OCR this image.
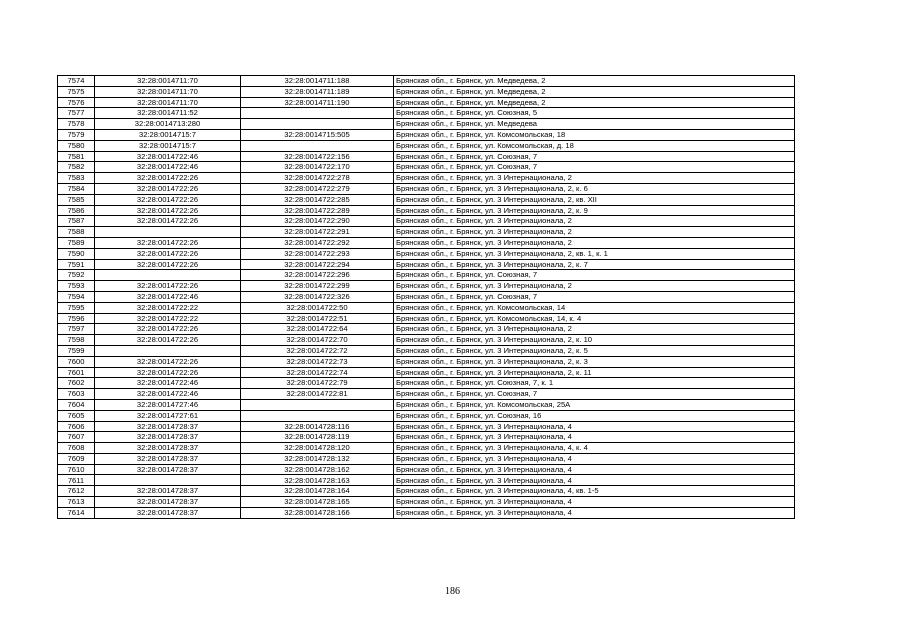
7574	32:28:0014711:70	32:28:0014711:188	Брянская обл., г. Брянск, ул. Медведева, 2
7575	32:28:0014711:70	32:28:0014711:189	Брянская обл., г. Брянск, ул. Медведева, 2
7576	32:28:0014711:70	32:28:0014711:190	Брянская обл., г. Брянск, ул. Медведева, 2
7577	32:28:0014711:52		Брянская обл., г. Брянск, ул. Союзная, 5
7578	32:28:0014713:280		Брянская обл., г. Брянск, ул. Медведева
7579	32:28:0014715:7	32:28:0014715:505	Брянская обл., г. Брянск, ул. Комсомольская, 18
7580	32:28:0014715:7		Брянская обл., г. Брянск, ул. Комсомольская, д. 18
7581	32:28:0014722:46	32:28:0014722:156	Брянская обл., г. Брянск, ул. Союзная, 7
7582	32:28:0014722:46	32:28:0014722:170	Брянская обл., г. Брянск, ул. Союзная, 7
7583	32:28:0014722:26	32:28:0014722:278	Брянская обл., г. Брянск, ул. 3 Интернационала, 2
7584	32:28:0014722:26	32:28:0014722:279	Брянская обл., г. Брянск, ул. 3 Интернационала, 2, к. 6
7585	32:28:0014722:26	32:28:0014722:285	Брянская обл., г. Брянск, ул. 3 Интернационала, 2, кв. XII
7586	32:28:0014722:26	32:28:0014722:289	Брянская обл., г. Брянск, ул. 3 Интернационала, 2, к. 9
7587	32:28:0014722:26	32:28:0014722:290	Брянская обл., г. Брянск, ул. 3 Интернационала, 2
7588		32:28:0014722:291	Брянская обл., г. Брянск, ул. 3 Интернационала, 2
7589	32:28:0014722:26	32:28:0014722:292	Брянская обл., г. Брянск, ул. 3 Интернационала, 2
7590	32:28:0014722:26	32:28:0014722:293	Брянская обл., г. Брянск, ул. 3 Интернационала, 2, кв. 1, к. 1
7591	32:28:0014722:26	32:28:0014722:294	Брянская обл., г. Брянск, ул. 3 Интернационала, 2, к. 7
7592		32:28:0014722:296	Брянская обл., г. Брянск, ул. Союзная, 7
7593	32:28:0014722:26	32:28:0014722:299	Брянская обл., г. Брянск, ул. 3 Интернационала, 2
7594	32:28:0014722:46	32:28:0014722:326	Брянская обл., г. Брянск, ул. Союзная, 7
7595	32:28:0014722:22	32:28:0014722:50	Брянская обл., г. Брянск, ул. Комсомольская, 14
7596	32:28:0014722:22	32:28:0014722:51	Брянская обл., г. Брянск, ул. Комсомольская, 14, к. 4
7597	32:28:0014722:26	32:28:0014722:64	Брянская обл., г. Брянск, ул. 3 Интернационала, 2
7598	32:28:0014722:26	32:28:0014722:70	Брянская обл., г. Брянск, ул. 3 Интернационала, 2, к. 10
7599		32:28:0014722:72	Брянская обл., г. Брянск, ул. 3 Интернационала, 2, к. 5
7600	32:28:0014722:26	32:28:0014722:73	Брянская обл., г. Брянск, ул. 3 Интернационала, 2, к. 3
7601	32:28:0014722:26	32:28:0014722:74	Брянская обл., г. Брянск, ул. 3 Интернационала, 2, к. 11
7602	32:28:0014722:46	32:28:0014722:79	Брянская обл., г. Брянск, ул. Союзная, 7, к. 1
7603	32:28:0014722:46	32:28:0014722:81	Брянская обл., г. Брянск, ул. Союзная, 7
7604	32:28:0014727:46		Брянская обл., г. Брянск, ул. Комсомольская, 25А
7605	32:28:0014727:61		Брянская обл., г. Брянск, ул. Союзная, 16
7606	32:28:0014728:37	32:28:0014728:116	Брянская обл., г. Брянск, ул. 3 Интернационала, 4
7607	32:28:0014728:37	32:28:0014728:119	Брянская обл., г. Брянск, ул. 3 Интернационала, 4
7608	32:28:0014728:37	32:28:0014728:120	Брянская обл., г. Брянск, ул. 3 Интернационала, 4, к. 4
7609	32:28:0014728:37	32:28:0014728:132	Брянская обл., г. Брянск, ул. 3 Интернационала, 4
7610	32:28:0014728:37	32:28:0014728:162	Брянская обл., г. Брянск, ул. 3 Интернационала, 4
7611		32:28:0014728:163	Брянская обл., г. Брянск, ул. 3 Интернационала, 4
7612	32:28:0014728:37	32:28:0014728:164	Брянская обл., г. Брянск, ул. 3 Интернационала, 4, кв. 1-5
7613	32:28:0014728:37	32:28:0014728:165	Брянская обл., г. Брянск, ул. 3 Интернационала, 4
7614	32:28:0014728:37	32:28:0014728:166	Брянская обл., г. Брянск, ул. 3 Интернационала, 4
186
